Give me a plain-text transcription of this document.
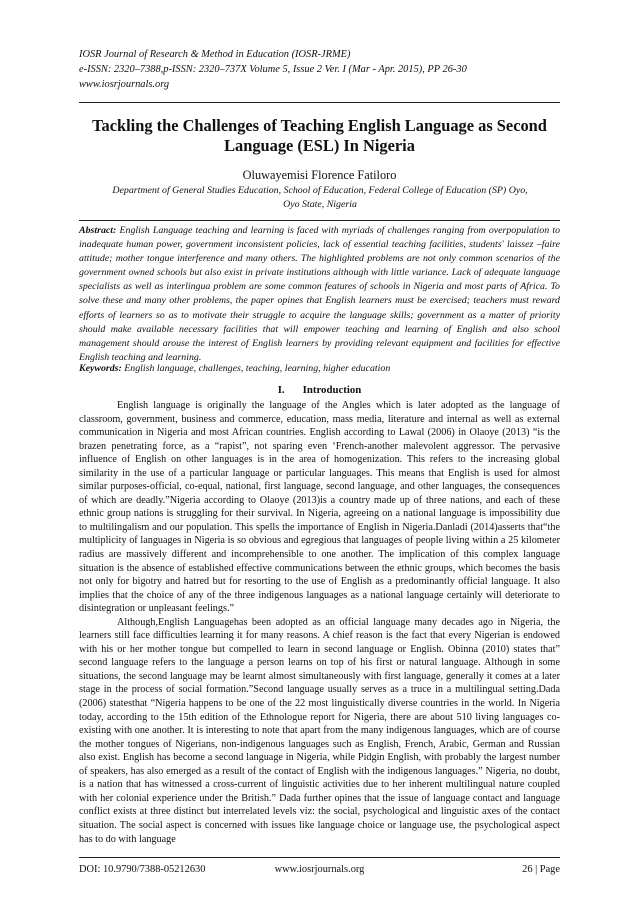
IOSR Journal of Research & Method in Education (IOSR-JRME)
e-ISSN: 2320–7388,p-ISSN: 2320–737X Volume 5, Issue 2 Ver. I (Mar - Apr. 2015), PP 26-30
www.iosrjournals.org
Tackling the Challenges of Teaching English Language as Second Language (ESL) In Nigeria
Oluwayemisi Florence Fatiloro
Department of General Studies Education, School of Education, Federal College of Education (SP) Oyo, Oyo State, Nigeria
Abstract: English Language teaching and learning is faced with myriads of challenges ranging from overpopulation to inadequate human power, government inconsistent policies, lack of essential teaching facilities, students' laissez –faire attitude; mother tongue interference and many others. The highlighted problems are not only common scenarios of the government owned schools but also exist in private institutions although with little variance. Lack of adequate language specialists as well as interlingua problem are some common features of schools in Nigeria and most parts of Africa. To solve these and many other problems, the paper opines that English learners must be exercised; teachers must reward efforts of learners so as to motivate their struggle to acquire the language skills; government as a matter of priority should make available necessary facilities that will empower teaching and learning of English and also school management should arouse the interest of English learners by providing relevant equipment and facilities for effective English teaching and learning.
Keywords: English language, challenges, teaching, learning, higher education
I. Introduction

English language is originally the language of the Angles which is later adopted as the language of classroom, government, business and commerce, education, mass media, literature and internal as well as external communication in Nigeria and most African countries. English according to Lawal (2006) in Olaoye (2013) “is the brazen penetrating force, as a “rapist”, not sparing even ‘French-another malevolent aggressor. The pervasive influence of English on other languages is in the area of homogenization. This refers to the increasing global similarity in the use of a particular language or particular languages. This means that English is used for almost similar purposes-official, co-equal, national, first language, second language, and other languages, the consequences of which are deadly.”Nigeria according to Olaoye (2013)is a country made up of three nations, and each of these ethnic group nations is struggling for their survival. In Nigeria, agreeing on a national language is impossibility due to multilingalism and our population. This spells the importance of English in Nigeria.Danladi (2014)asserts that“the multiplicity of languages in Nigeria is so obvious and egregious that languages of people living within a 25 kilometer radius are massively different and incomprehensible to one another. The implication of this complex language situation is the absence of established effective communications between the ethnic groups, which becomes the basis not only for bigotry and hatred but for resorting to the use of English as a predominantly official language. It also implies that the choice of any of the three indigenous languages as a national language certainly will deteriorate to disintegration or unpleasant feelings.”

Although,English Languagehas been adopted as an official language many decades ago in Nigeria, the learners still face difficulties learning it for many reasons. A chief reason is the fact that every Nigerian is endowed with his or her mother tongue but compelled to learn in second language or English. Obinna (2010) states that” second language refers to the language a person learns on top of his first or natural language. Although in some situations, the second language may be learnt almost simultaneously with first language, generally it comes at a later stage in the process of social formation.”Second language usually serves as a truce in a multilingual setting.Dada (2006) statesthat “Nigeria happens to be one of the 22 most linguistically diverse countries in the world. In Nigeria today, according to the 15th edition of the Ethnologue report for Nigeria, there are about 510 living languages co-existing with one another. It is interesting to note that apart from the many indigenous languages, which are of course the mother tongues of Nigerians, non-indigenous languages such as English, French, Arabic, German and Russian also exist. English has become a second language in Nigeria, while Pidgin English, with probably the largest number of speakers, has also emerged as a result of the contact of English with the indigenous languages.” Nigeria, no doubt, is a nation that has witnessed a cross-current of linguistic activities due to her inherent multilingual nature coupled with her colonial experience under the British.” Dada further opines that the issue of language contact and language conflict exists at three distinct but interrelated levels viz: the social, psychological and linguistic axes of the contact situation. The social aspect is concerned with issues like language choice or language use, the psychological aspect has to do with language

DOI: 10.9790/7388-05212630	www.iosrjournals.org	26 | Page
